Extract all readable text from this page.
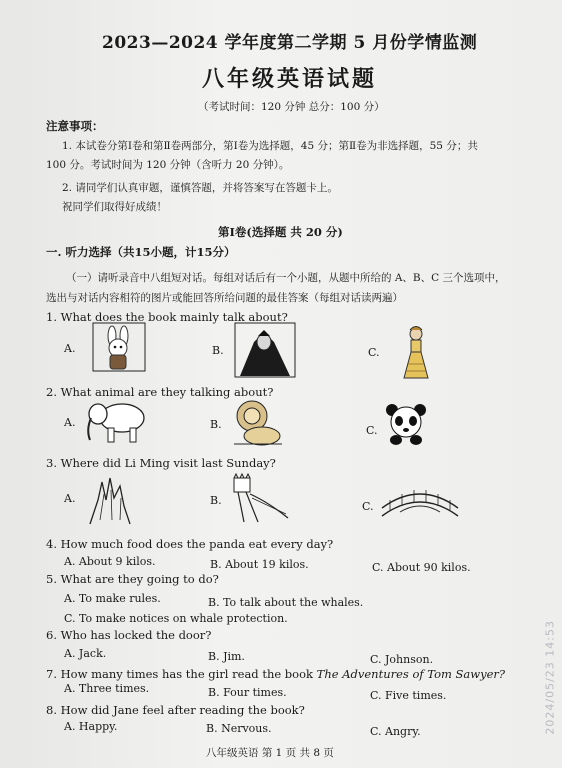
2023—2024 学年度第二学期 5 月份学情监测
八年级英语试题
（考试时间：120 分钟 总分：100 分）
注意事项：
1. 本试卷分第Ⅰ卷和第Ⅱ卷两部分，第Ⅰ卷为选择题，45 分；第Ⅱ卷为非选择题，55 分；共
100 分。考试时间为 120 分钟（含听力 20 分钟）。
2. 请同学们认真审题，谨慎答题，并将答案写在答题卡上。
祝同学们取得好成绩！
第Ⅰ卷(选择题 共 20 分)
一. 听力选择（共15小题，计15分）
（一）请听录音中八组短对话。每组对话后有一个小题，从题中所给的 A、B、C 三个选项中，
选出与对话内容相符的图片或能回答所给问题的最佳答案（每组对话读两遍）
1. What does the book mainly talk about?
A.	B.	C.
2. What animal are they talking about?
A.	B.	C.
3. Where did Li Ming visit last Sunday?
A.	B.	C.
4. How much food does the panda eat every day?
A. About 9 kilos.	B. About 19 kilos.	C. About 90 kilos.
5. What are they going to do?
A. To make rules.	B. To talk about the whales.
C. To make notices on whale protection.
6. Who has locked the door?
A. Jack.	B. Jim.	C. Johnson.
7. How many times has the girl read the book The Adventures of Tom Sawyer?
A. Three times.	B. Four times.	C. Five times.
8. How did Jane feel after reading the book?
A. Happy.	B. Nervous.	C. Angry.
八年级英语 第 1 页 共 8 页
2024/05/23 14:53
